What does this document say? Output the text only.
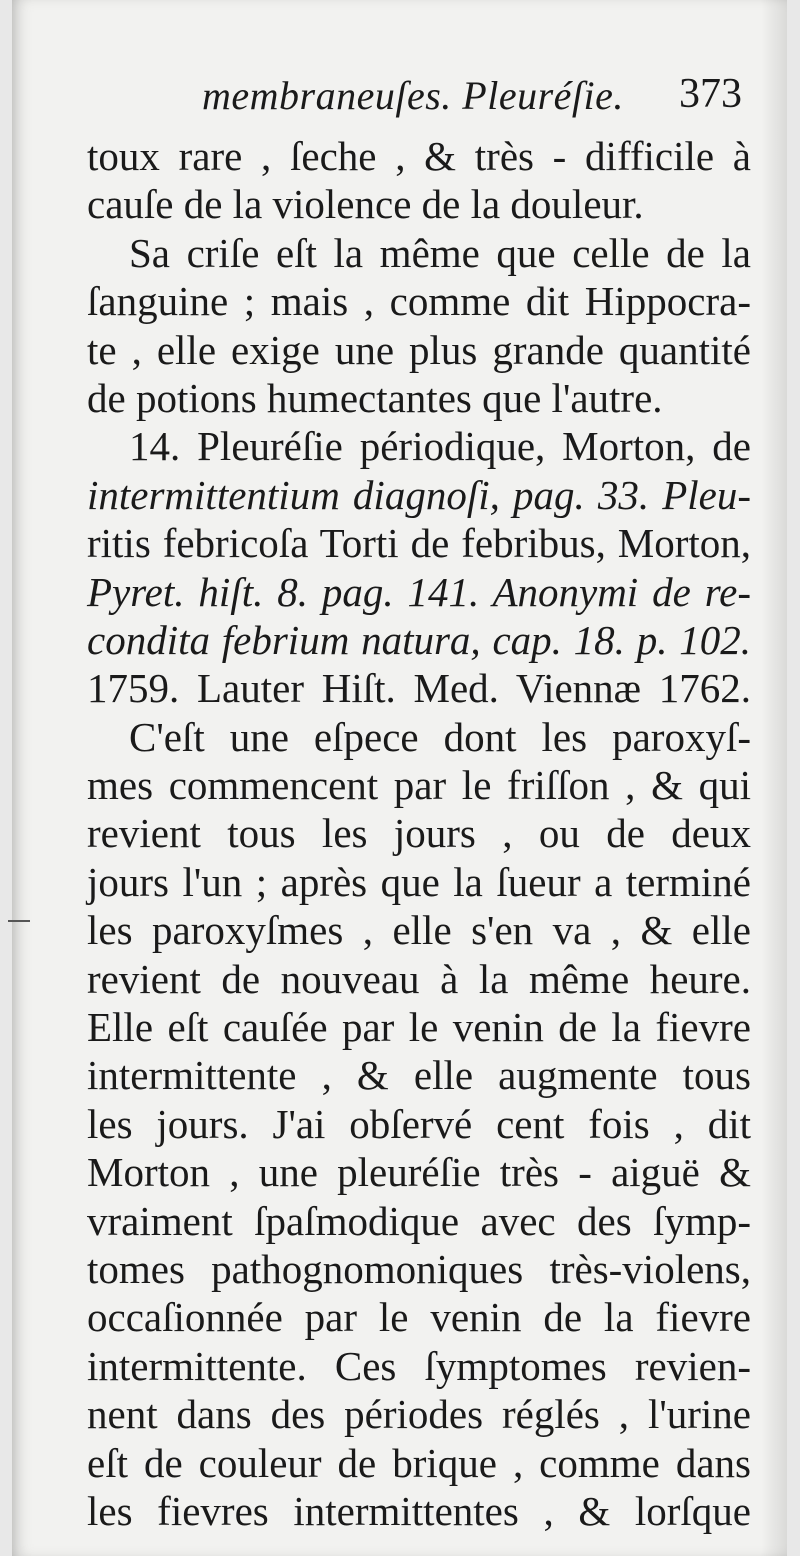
membraneuſes. Pleuréſie. 373
toux rare , ſeche , & très - difficile à
cauſe de la violence de la douleur.
Sa criſe eſt la même que celle de la
ſanguine ; mais , comme dit Hippocra-
te , elle exige une plus grande quantité
de potions humectantes que l'autre.
14. Pleuréſie périodique, Morton, de
intermittentium diagnoſi, pag. 33. Pleu-
ritis febricoſa Torti de febribus, Morton,
Pyret. hiſt. 8. pag. 141. Anonymi de re-
condita febrium natura, cap. 18. p. 102.
1759. Lauter Hiſt. Med. Viennæ 1762.
C'eſt une eſpece dont les paroxyſ-
mes commencent par le friſſon , & qui
revient tous les jours , ou de deux
jours l'un ; après que la ſueur a terminé
les paroxyſmes , elle s'en va , & elle
revient de nouveau à la même heure.
Elle eſt cauſée par le venin de la fievre
intermittente , & elle augmente tous
les jours. J'ai obſervé cent fois , dit
Morton , une pleuréſie très - aiguë &
vraiment ſpaſmodique avec des ſymp-
tomes pathognomoniques très-violens,
occaſionnée par le venin de la fievre
intermittente. Ces ſymptomes revien-
nent dans des périodes réglés , l'urine
eſt de couleur de brique , comme dans
les fievres intermittentes , & lorſque
